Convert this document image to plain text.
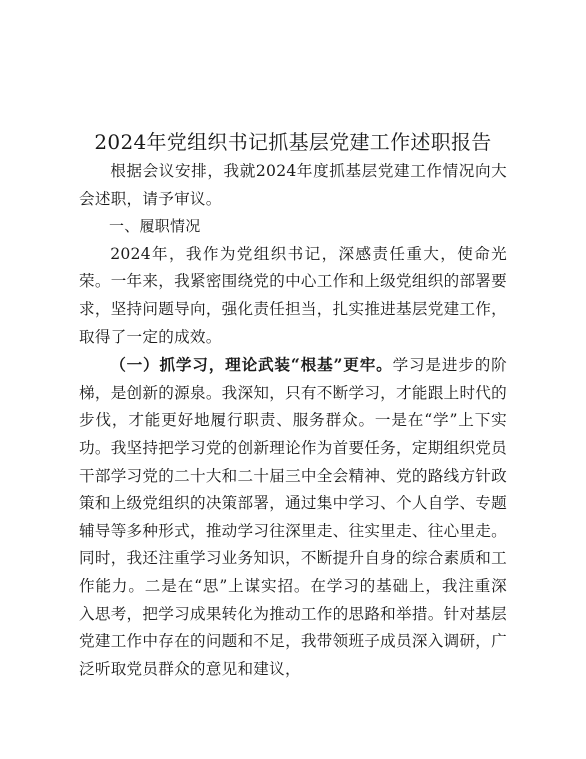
2024年党组织书记抓基层党建工作述职报告

根据会议安排，我就2024年度抓基层党建工作情况向大会述职，请予审议。

一、履职情况

2024年，我作为党组织书记，深感责任重大，使命光荣。一年来，我紧密围绕党的中心工作和上级党组织的部署要求，坚持问题导向，强化责任担当，扎实推进基层党建工作，取得了一定的成效。

（一）抓学习，理论武装“根基”更牢。学习是进步的阶梯，是创新的源泉。我深知，只有不断学习，才能跟上时代的步伐，才能更好地履行职责、服务群众。一是在“学”上下实功。我坚持把学习党的创新理论作为首要任务，定期组织党员干部学习党的二十大和二十届三中全会精神、党的路线方针政策和上级党组织的决策部署，通过集中学习、个人自学、专题辅导等多种形式，推动学习往深里走、往实里走、往心里走。同时，我还注重学习业务知识，不断提升自身的综合素质和工作能力。二是在“思”上谋实招。在学习的基础上，我注重深入思考，把学习成果转化为推动工作的思路和举措。针对基层党建工作中存在的问题和不足，我带领班子成员深入调研，广泛听取党员群众的意见和建议，
